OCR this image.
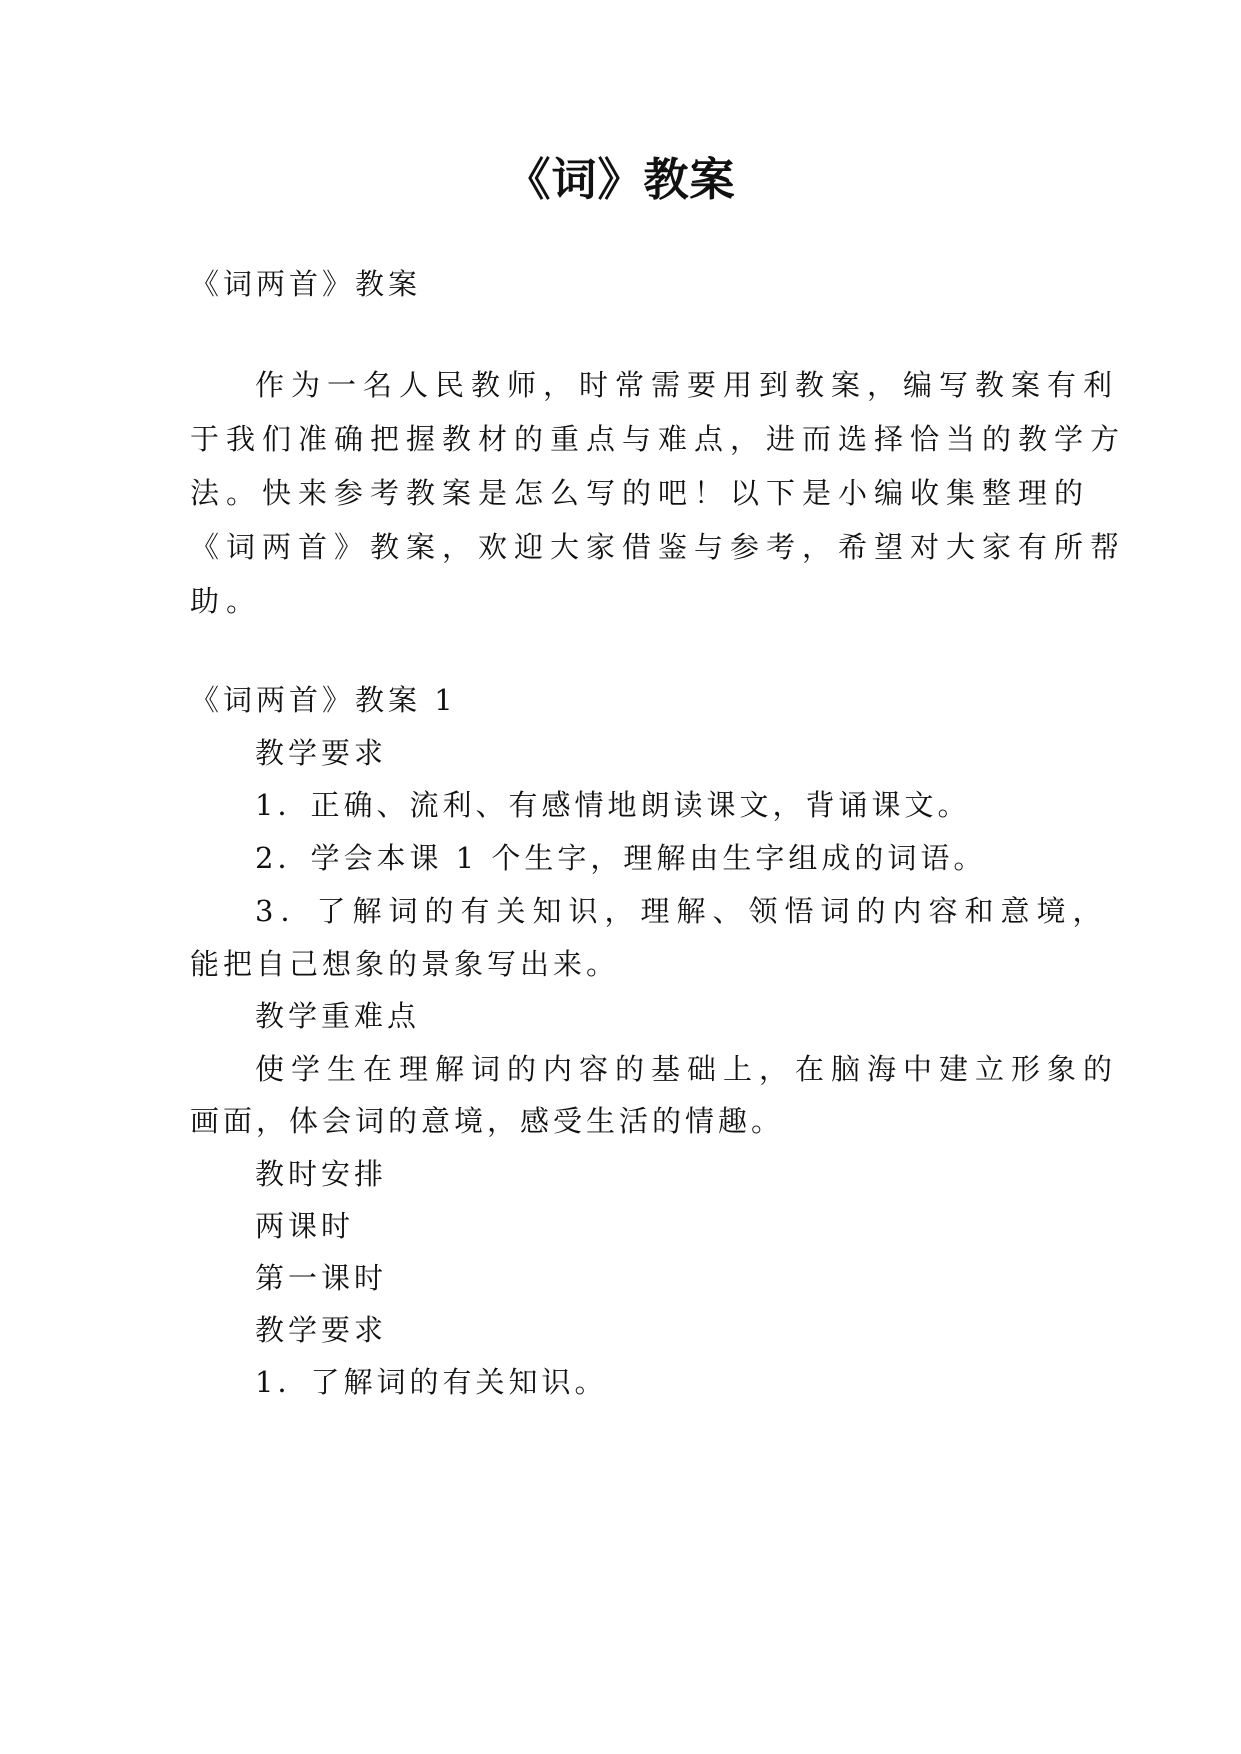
《词》教案
《词两首》教案
作为一名人民教师，时常需要用到教案，编写教案有利
于我们准确把握教材的重点与难点，进而选择恰当的教学方
法。快来参考教案是怎么写的吧！以下是小编收集整理的
《词两首》教案，欢迎大家借鉴与参考，希望对大家有所帮
助。
《词两首》教案 1
教学要求
1．正确、流利、有感情地朗读课文，背诵课文。
2．学会本课 1 个生字，理解由生字组成的词语。
3．了解词的有关知识，理解、领悟词的内容和意境，
能把自己想象的景象写出来。
教学重难点
使学生在理解词的内容的基础上，在脑海中建立形象的
画面，体会词的意境，感受生活的情趣。
教时安排
两课时
第一课时
教学要求
1．了解词的有关知识。
